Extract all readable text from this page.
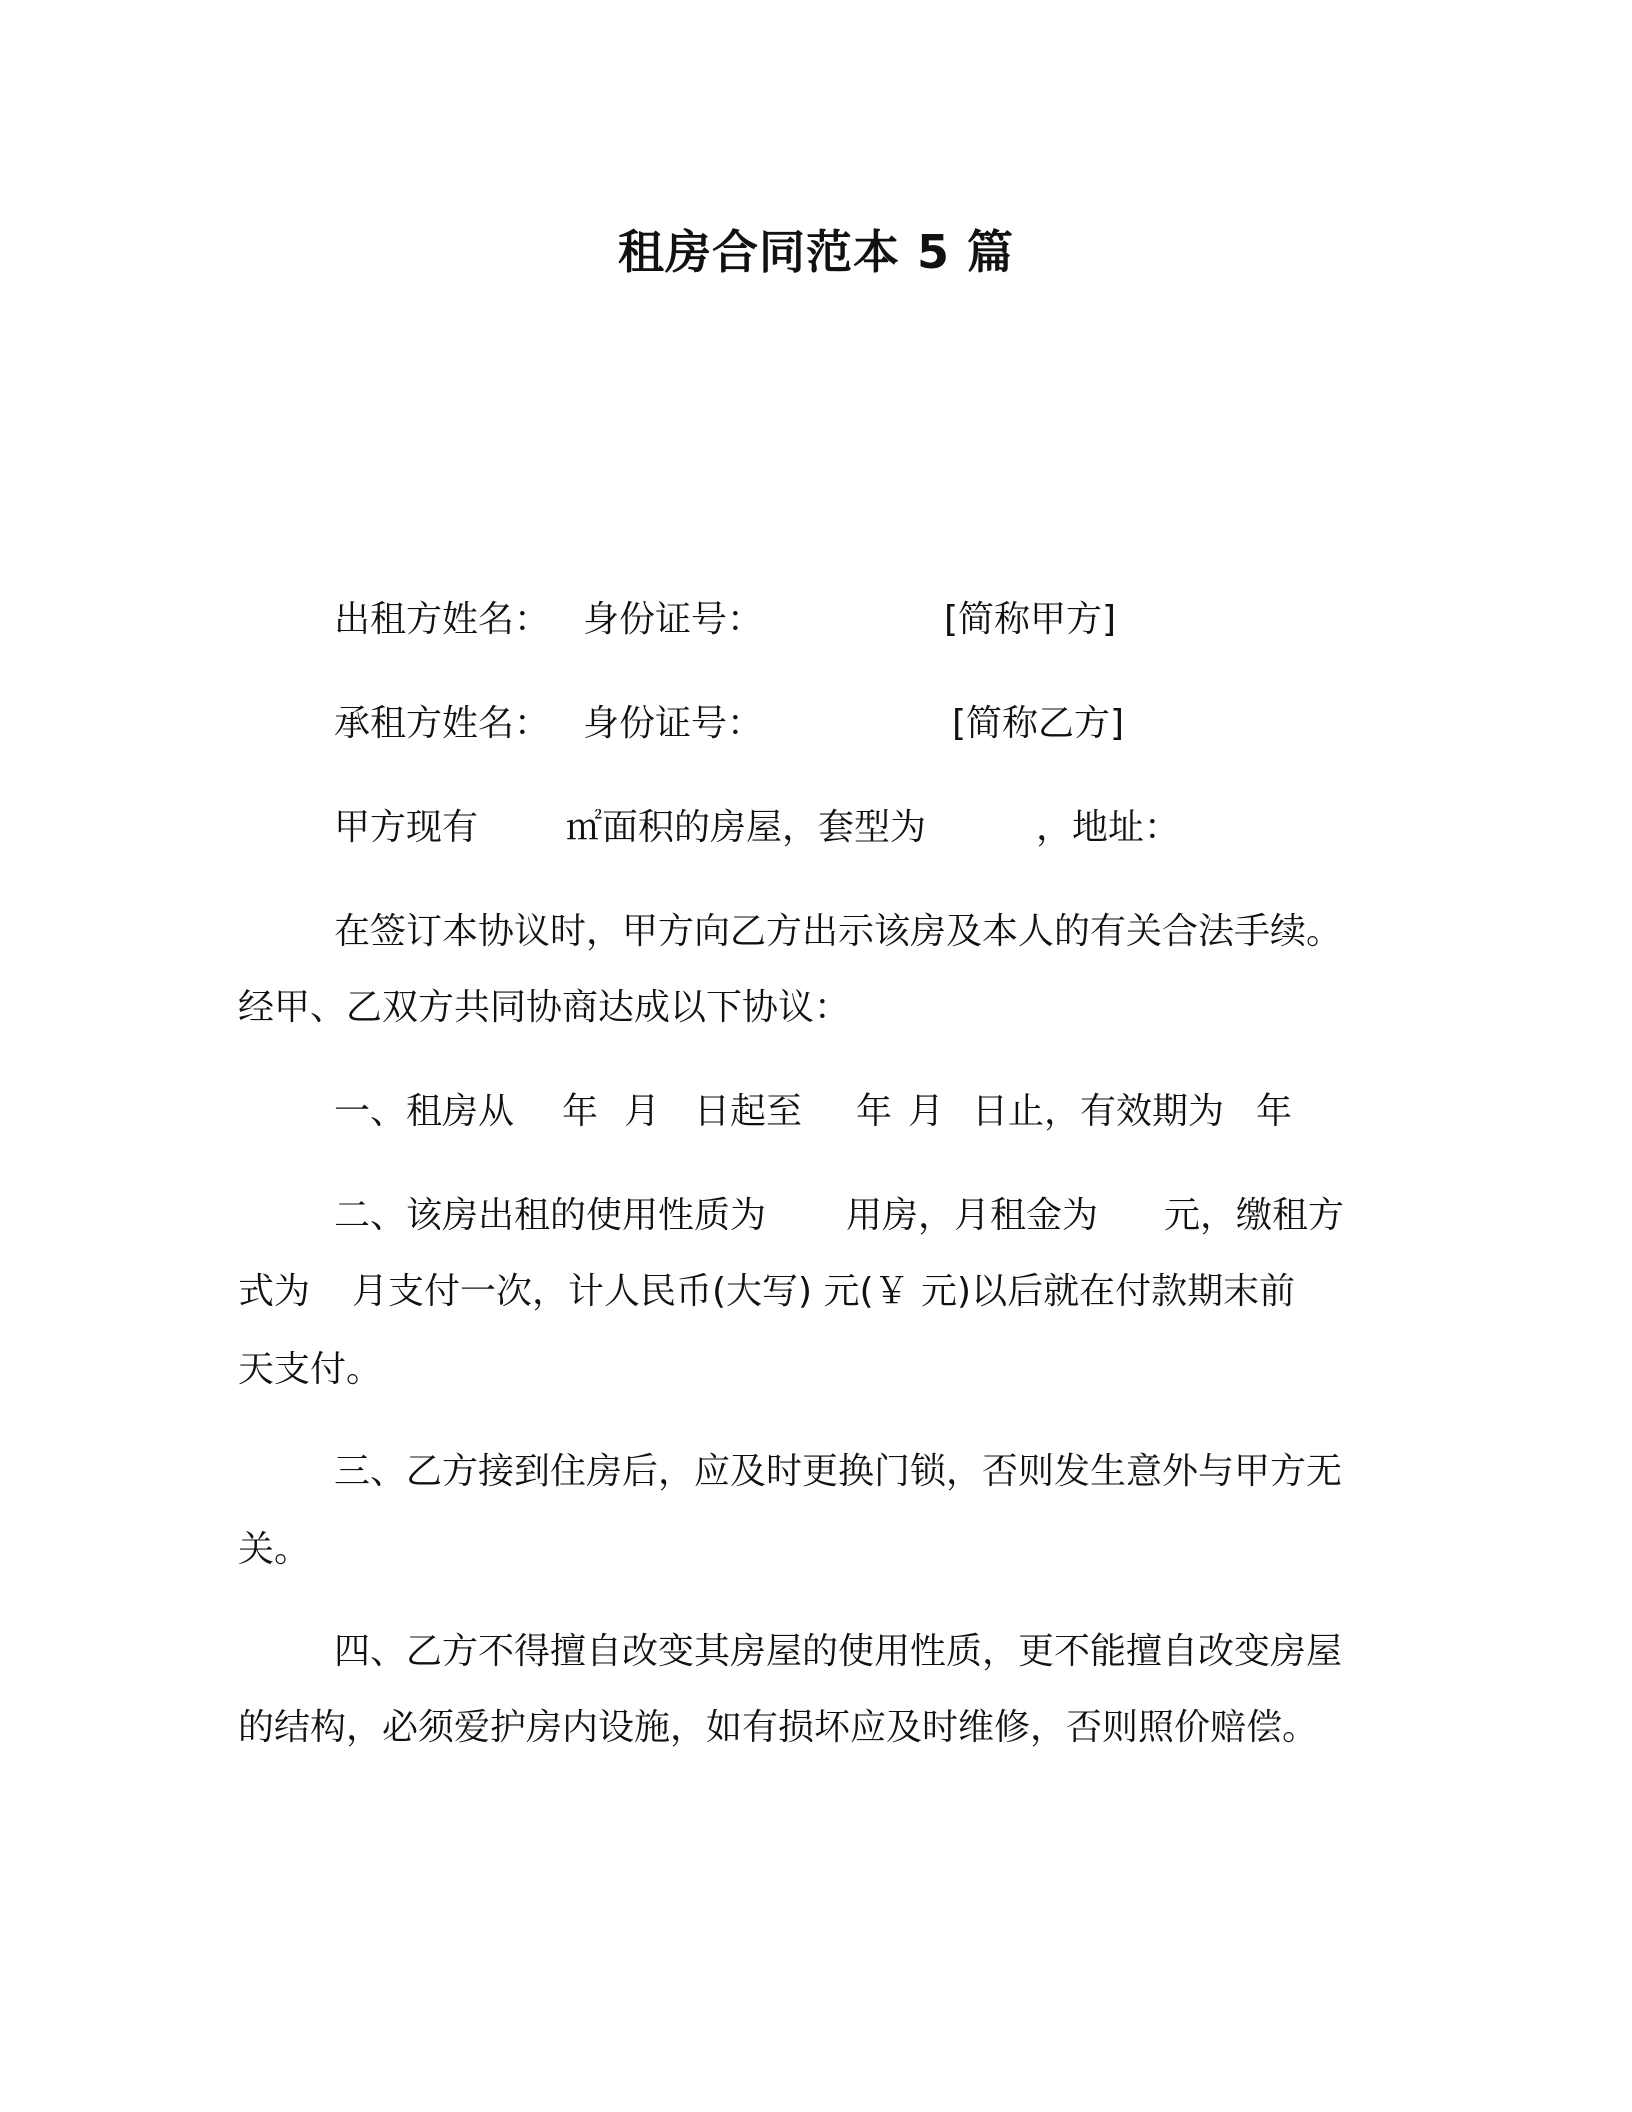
租房合同范本 5 篇
出租方姓名： 身份证号：	[简称甲方]
承租方姓名： 身份证号：	[简称乙方]
甲方现有 ㎡面积的房屋，套型为	，地址：
在签订本协议时，甲方向乙方出示该房及本人的有关合法手续。
经甲、乙双方共同协商达成以下协议：
一、租房从 年 月 日起至 年 月 日止，有效期为 年
二、该房出租的使用性质为 用房，月租金为 元，缴租方
式为 月支付一次，计人民币(大写) 元(￥ 元)以后就在付款期末前
天支付。
三、乙方接到住房后，应及时更换门锁，否则发生意外与甲方无
关。
四、乙方不得擅自改变其房屋的使用性质，更不能擅自改变房屋
的结构，必须爱护房内设施，如有损坏应及时维修，否则照价赔偿。
